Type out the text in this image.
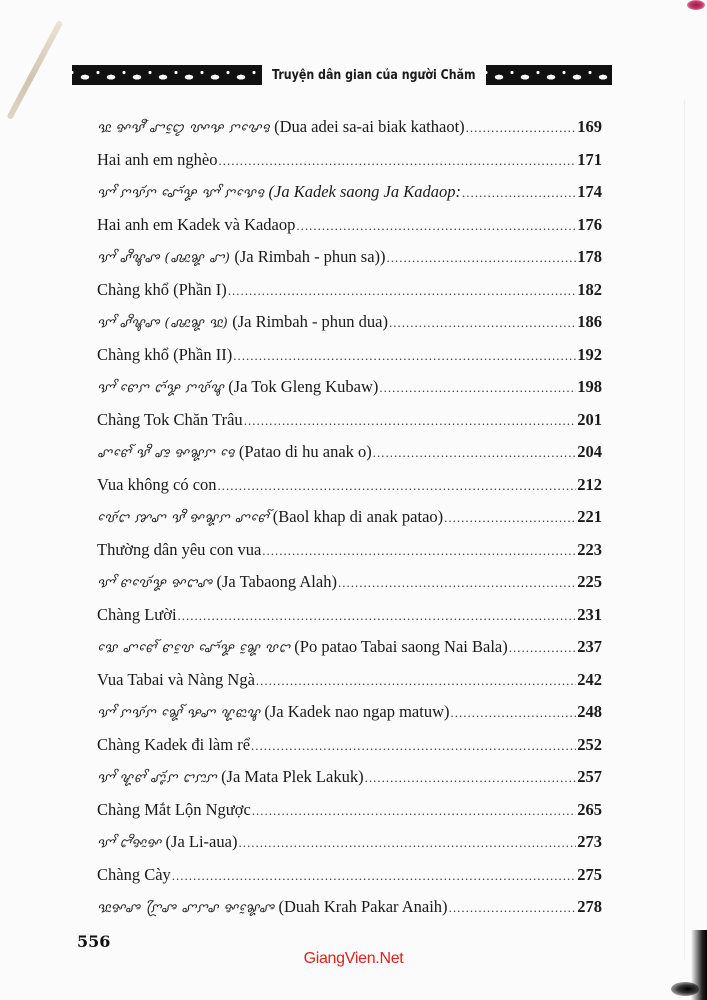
Truyện dân gian của người Chăm
ꨕꨭ ꨀꨕꨬ ꨧꨄꨰ ꨝꨳꨊ ꨆꨔꨯꨅ (Dua adei sa-ai biak kathaot) .....	169
Hai anh em nghèo .....	171
ꨎꨩ ꨆꨕꨮꨆ ꨧꨯꨮꨋ ꨎꨩ ꨆꨕꨯꨅ (Ja Kadek saong Ja Kadaop: .....	174
Hai anh em Kadek và Kadaop .....	176
ꨎꨩ ꨣꨪꨡꨨ (ꨜꨭꨘ ꨧ) (Ja Rimbah - phun sa)) .....	178
Chàng khổ (Phần I) .....	182
ꨎꨩ ꨣꨪꨡꨨ (ꨜꨭꨘ ꨕꨭ) (Ja Rimbah - phun dua) .....	186
Chàng khổ (Phần II) .....	192
ꨎꨩ ꨓꨯꨆ ꨈꨮꨋ ꨆꨝꨮꨥ (Ja Tok Gleng Kubaw) .....	198
Chàng Tok Chăn Trâu .....	201
ꨚꨓꨯꨱ ꨕꨪ ꨨꨭ ꨀꨘꨆ ꨅꨯ (Patao di hu anak o) .....	204
Vua không có con .....	212
ꨝꨯꨮꨤ ꨇꨚ ꨕꨪ ꨀꨘꨆ ꨚꨓꨯꨱ (Baol khap di anak patao) .....	221
Thường dân yêu con vua .....	223
ꨎꨩ ꨓꨝꨯꨮꨋ ꨀꨤꨨ (Ja Tabaong Alah) .....	225
Chàng Lười .....	231
ꨛꨯ ꨚꨓꨯꨱ ꨓꨝꨰ ꨧꨯꨮꨋ ꨘꨰ ꨝꨤ (Po patao Tabai saong Nai Bala) .....	237
Vua Tabai và Nàng Ngà .....	242
ꨎꨩ ꨆꨕꨮꨆ ꨘꨯꨱ ꨊꨚ ꨠꨓꨭꨥ (Ja Kadek nao ngap matuw) .....	248
Chàng Kadek đi làm rể .....	252
ꨎꨩ ꨠꨓꨩ ꨚꨵꨮꨆ ꨤꨆꨭꨆ (Ja Mata Plek Lakuk) .....	257
Chàng Mắt Lộn Ngược .....	265
ꨎꨩ ꨤꨪꨀꨭꨀ (Ja Li-aua) .....	273
Chàng Cày .....	275
ꨕꨭꨀꨨ ꨆꨴꨨ ꨚꨆꨣ ꨀꨘꨰꨨ (Duah Krah Pakar Anaih) .....	278
556
GiangVien.Net
